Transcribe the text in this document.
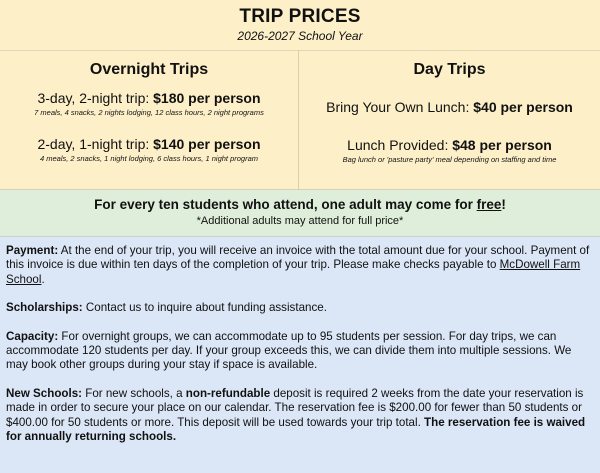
TRIP PRICES
2026-2027 School Year
Overnight Trips
3-day, 2-night trip: $180 per person
7 meals, 4 snacks, 2 nights lodging, 12 class hours, 2 night programs
2-day, 1-night trip: $140 per person
4 meals, 2 snacks, 1 night lodging, 6 class hours, 1 night program
Day Trips
Bring Your Own Lunch: $40 per person
Lunch Provided: $48 per person
Bag lunch or 'pasture party' meal depending on staffing and time
For every ten students who attend, one adult may come for free!
*Additional adults may attend for full price*

Payment: At the end of your trip, you will receive an invoice with the total amount due for your school. Payment of this invoice is due within ten days of the completion of your trip. Please make checks payable to McDowell Farm School.

Scholarships: Contact us to inquire about funding assistance.

Capacity: For overnight groups, we can accommodate up to 95 students per session. For day trips, we can accommodate 120 students per day. If your group exceeds this, we can divide them into multiple sessions. We may book other groups during your stay if space is available.

New Schools: For new schools, a non-refundable deposit is required 2 weeks from the date your reservation is made in order to secure your place on our calendar. The reservation fee is $200.00 for fewer than 50 students or $400.00 for 50 students or more. This deposit will be used towards your trip total. The reservation fee is waived for annually returning schools.
